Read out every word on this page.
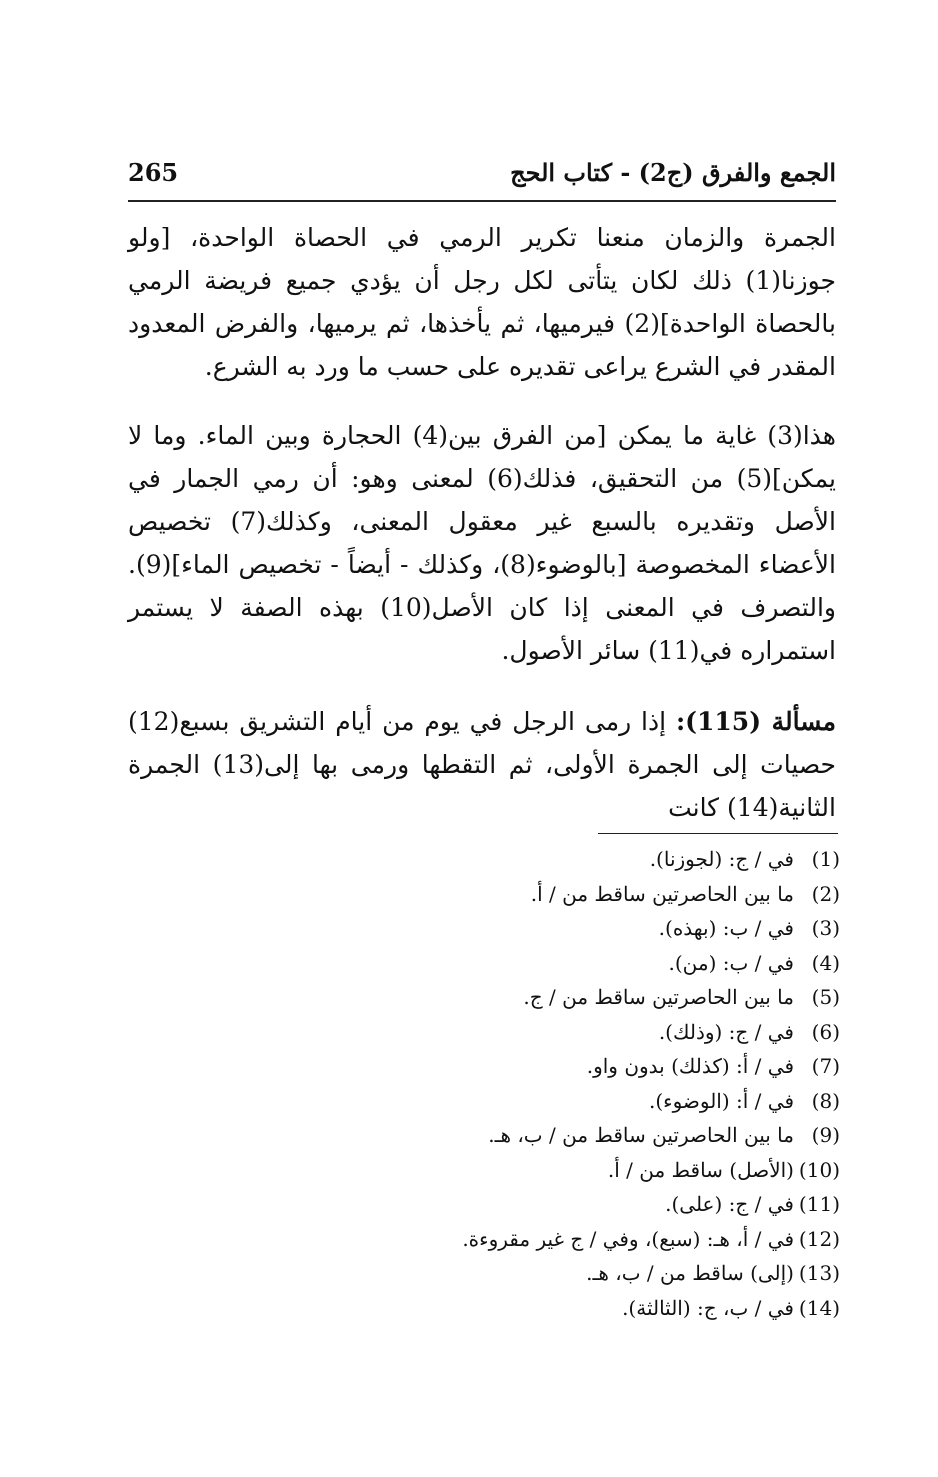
الجمع والفرق (ج2) - كتاب الحج
265

الجمرة والزمان منعنا تكرير الرمي في الحصاة الواحدة، [ولو جوزنا(1) ذلك لكان يتأتى لكل رجل أن يؤدي جميع فريضة الرمي بالحصاة الواحدة](2) فيرميها، ثم يأخذها، ثم يرميها، والفرض المعدود المقدر في الشرع يراعى تقديره على حسب ما ورد به الشرع.

هذا(3) غاية ما يمكن [من الفرق بين(4) الحجارة وبين الماء. وما لا يمكن](5) من التحقيق، فذلك(6) لمعنى وهو: أن رمي الجمار في الأصل وتقديره بالسبع غير معقول المعنى، وكذلك(7) تخصيص الأعضاء المخصوصة [بالوضوء(8)، وكذلك - أيضاً - تخصيص الماء](9). والتصرف في المعنى إذا كان الأصل(10) بهذه الصفة لا يستمر استمراره في(11) سائر الأصول.

مسألة (115): إذا رمى الرجل في يوم من أيام التشريق بسبع(12) حصيات إلى الجمرة الأولى، ثم التقطها ورمى بها إلى(13) الجمرة الثانية(14) كانت

(1)
في / ج: (لجوزنا).
(2)
ما بين الحاصرتين ساقط من / أ.
(3)
في / ب: (بهذه).
(4)
في / ب: (من).
(5)
ما بين الحاصرتين ساقط من / ج.
(6)
في / ج: (وذلك).
(7)
في / أ: (كذلك) بدون واو.
(8)
في / أ: (الوضوء).
(9)
ما بين الحاصرتين ساقط من / ب، هـ.
(10)
(الأصل) ساقط من / أ.
(11)
في / ج: (على).
(12)
في / أ، هـ: (سبع)، وفي / ج غير مقروءة.
(13)
(إلى) ساقط من / ب، هـ.
(14)
في / ب، ج: (الثالثة).
